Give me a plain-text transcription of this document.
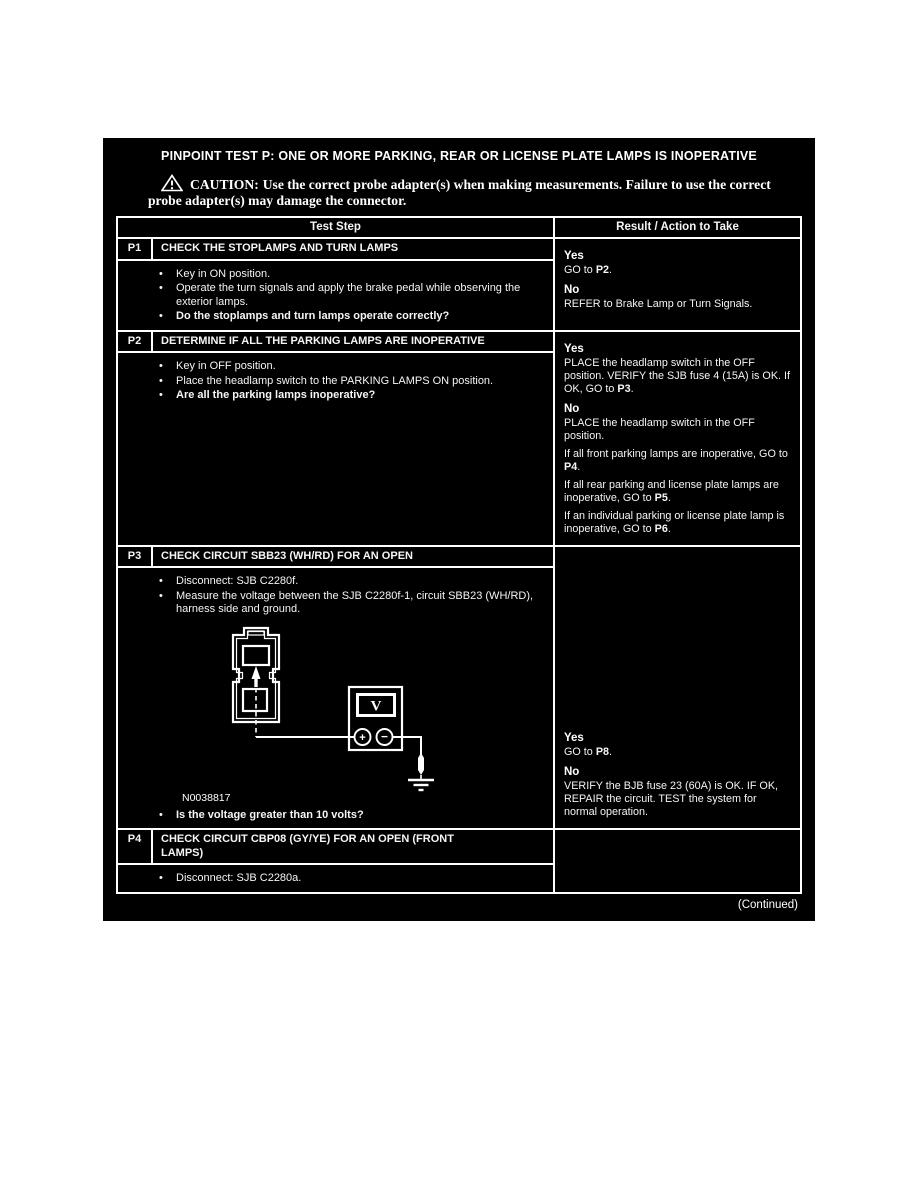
PINPOINT TEST P: ONE OR MORE PARKING, REAR OR LICENSE PLATE LAMPS IS INOPERATIVE
CAUTION: Use the correct probe adapter(s) when making measurements. Failure to use the correct probe adapter(s) may damage the connector.
Test Step	Result / Action to Take
P1	CHECK THE STOPLAMPS AND TURN LAMPS
•	Key in ON position.
•	Operate the turn signals and apply the brake pedal while observing the exterior lamps.
•	Do the stoplamps and turn lamps operate correctly?
Yes
GO to P2.
No
REFER to Brake Lamp or Turn Signals.
P2	DETERMINE IF ALL THE PARKING LAMPS ARE INOPERATIVE
•	Key in OFF position.
•	Place the headlamp switch to the PARKING LAMPS ON position.
•	Are all the parking lamps inoperative?
Yes
PLACE the headlamp switch in the OFF position. VERIFY the SJB fuse 4 (15A) is OK. If OK, GO to P3.
No
PLACE the headlamp switch in the OFF position.
If all front parking lamps are inoperative, GO to P4.
If all rear parking and license plate lamps are inoperative, GO to P5.
If an individual parking or license plate lamp is inoperative, GO to P6.
P3	CHECK CIRCUIT SBB23 (WH/RD) FOR AN OPEN
•	Disconnect: SJB C2280f.
•	Measure the voltage between the SJB C2280f-1, circuit SBB23 (WH/RD), harness side and ground.
V
+ −
N0038817
•	Is the voltage greater than 10 volts?
Yes
GO to P8.
No
VERIFY the BJB fuse 23 (60A) is OK. IF OK, REPAIR the circuit. TEST the system for normal operation.
P4	CHECK CIRCUIT CBP08 (GY/YE) FOR AN OPEN (FRONT LAMPS)
•	Disconnect: SJB C2280a.
(Continued)
